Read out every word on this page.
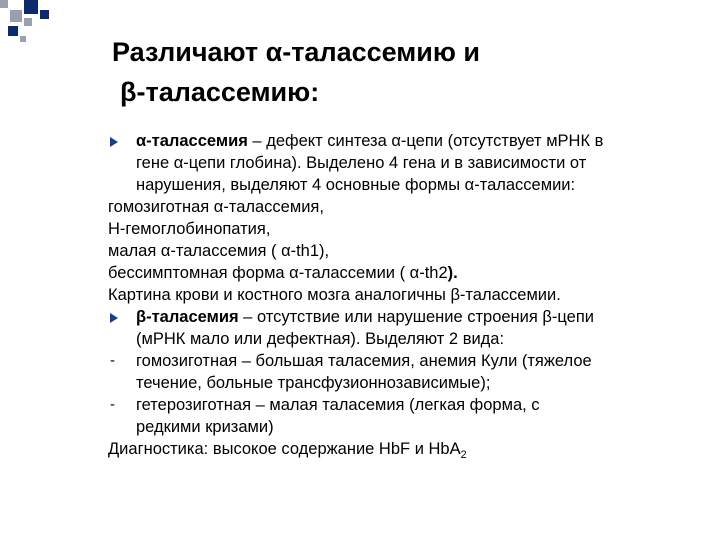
Различают α-талассемию и
β-талассемию:
α-талассемия – дефект синтеза α-цепи (отсутствует мРНК в
гене α-цепи глобина). Выделено 4 гена и в зависимости от
нарушения, выделяют 4 основные формы α-талассемии:
гомозиготная α-талассемия,
H-гемоглобинопатия,
малая α-талассемия ( α-th1),
бессимптомная форма α-талассемии ( α-th2).
Картина крови и костного мозга аналогичны β-талассемии.
β-таласемия – отсутствие или нарушение строения β-цепи
(мРНК мало или дефектная). Выделяют 2 вида:
- гомозиготная – большая таласемия, анемия Кули (тяжелое
течение, больные трансфузионнозависимые);
- гетерозиготная – малая таласемия (легкая форма, с
редкими кризами)
Диагностика: высокое содержание HbF и HbA$_2$
